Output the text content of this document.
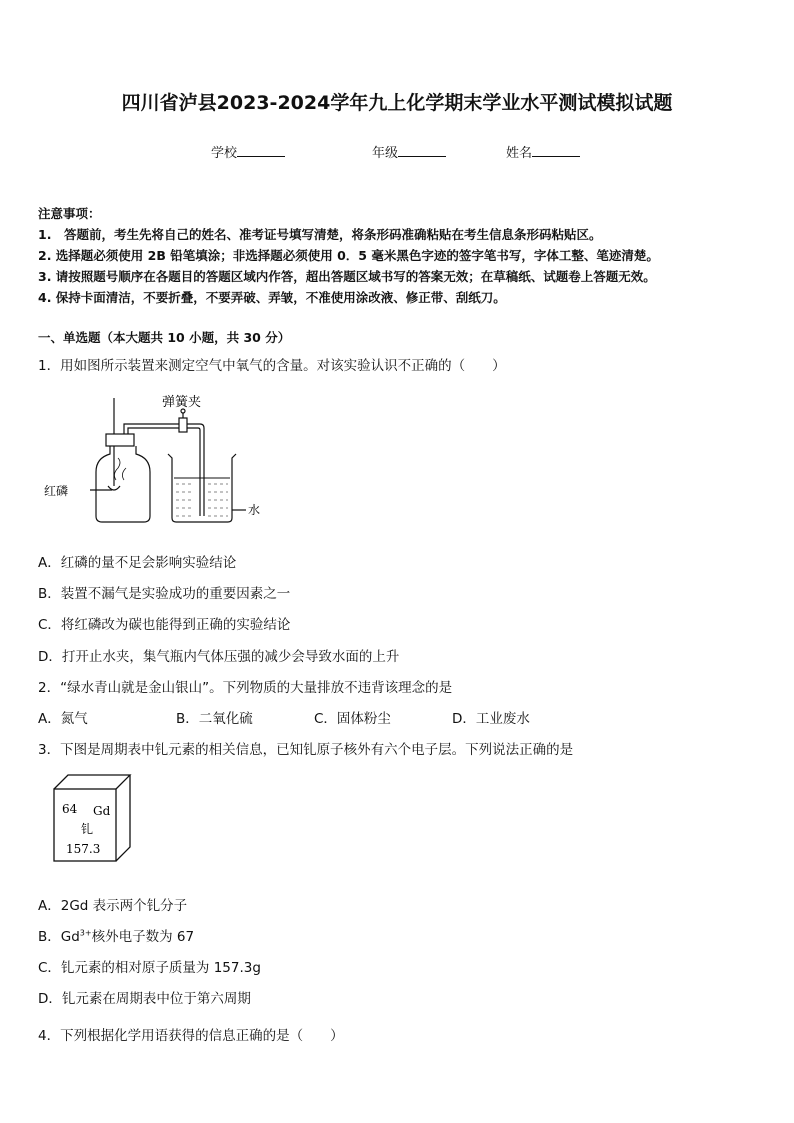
四川省泸县2023-2024学年九上化学期末学业水平测试模拟试题
学校	年级	姓名
注意事项：
1.　答题前，考生先将自己的姓名、准考证号填写清楚，将条形码准确粘贴在考生信息条形码粘贴区。
2. 选择题必须使用 2B 铅笔填涂；非选择题必须使用 0．5 毫米黑色字迹的签字笔书写，字体工整、笔迹清楚。
3. 请按照题号顺序在各题目的答题区域内作答，超出答题区域书写的答案无效；在草稿纸、试题卷上答题无效。
4. 保持卡面清洁，不要折叠，不要弄破、弄皱，不准使用涂改液、修正带、刮纸刀。
一、单选题（本大题共 10 小题，共 30 分）
1．用如图所示装置来测定空气中氧气的含量。对该实验认识不正确的（　　）
弹簧夹
红磷
水
A．红磷的量不足会影响实验结论
B．装置不漏气是实验成功的重要因素之一
C．将红磷改为碳也能得到正确的实验结论
D．打开止水夹，集气瓶内气体压强的减少会导致水面的上升
2．“绿水青山就是金山银山”。下列物质的大量排放不违背该理念的是
A．氮气	B．二氧化硫	C．固体粉尘	D．工业废水
3．下图是周期表中钆元素的相关信息，已知钆原子核外有六个电子层。下列说法正确的是
64 Gd
钆
157.3
A．2Gd 表示两个钆分子
B．$Gd^{3+}$核外电子数为 67
C．钆元素的相对原子质量为 157.3g
D．钆元素在周期表中位于第六周期
4．下列根据化学用语获得的信息正确的是（　　）
